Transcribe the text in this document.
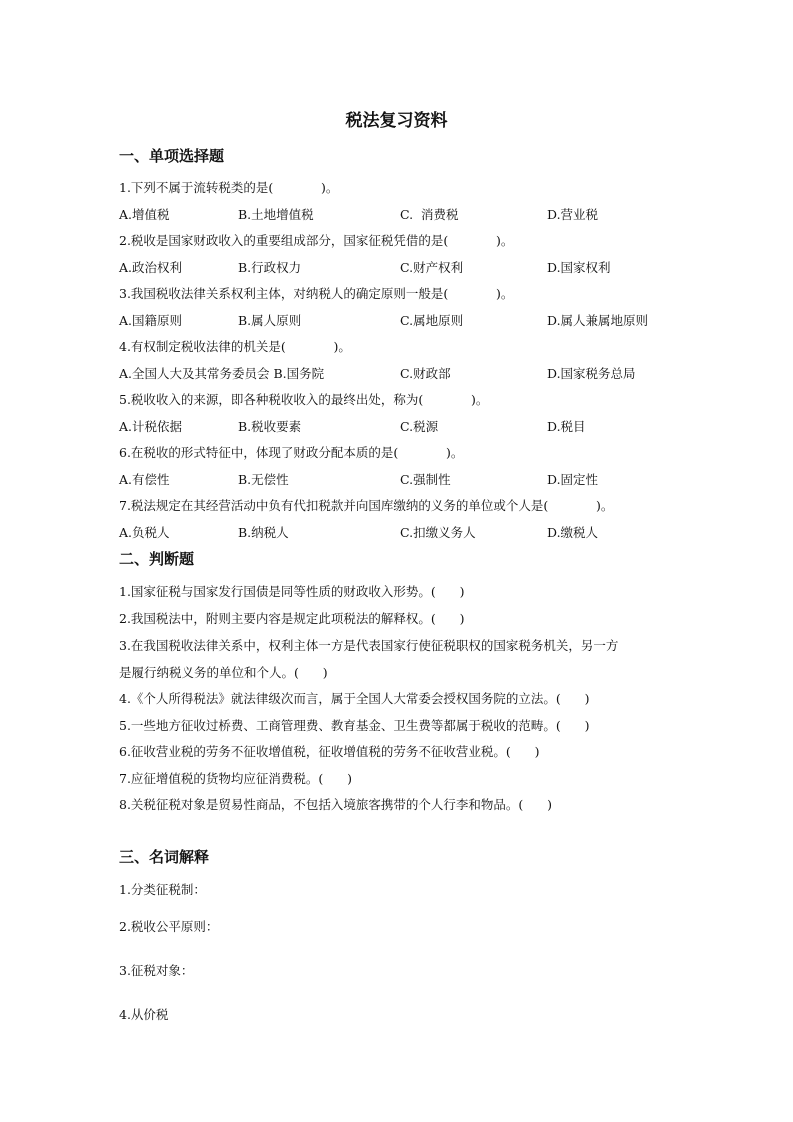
税法复习资料
一、单项选择题
1.下列不属于流转税类的是(            )。
A.增值税	B.土地增值税	C.  消费税	D.营业税
2.税收是国家财政收入的重要组成部分，国家征税凭借的是(            )。
A.政治权利	B.行政权力	C.财产权利	D.国家权利
3.我国税收法律关系权利主体，对纳税人的确定原则一般是(            )。
A.国籍原则	B.属人原则	C.属地原则	D.属人兼属地原则
4.有权制定税收法律的机关是(            )。
A.全国人大及其常务委员会 B.国务院	C.财政部	D.国家税务总局
5.税收收入的来源，即各种税收收入的最终出处，称为(            )。
A.计税依据	B.税收要素	C.税源	D.税目
6.在税收的形式特征中，体现了财政分配本质的是(            )。
A.有偿性	B.无偿性	C.强制性	D.固定性
7.税法规定在其经营活动中负有代扣税款并向国库缴纳的义务的单位或个人是(            )。
A.负税人	B.纳税人	C.扣缴义务人	D.缴税人
二、判断题
1.国家征税与国家发行国债是同等性质的财政收入形势。(      )
2.我国税法中，附则主要内容是规定此项税法的解释权。(      )
3.在我国税收法律关系中，权利主体一方是代表国家行使征税职权的国家税务机关，另一方
是履行纳税义务的单位和个人。(      )
4.《个人所得税法》就法律级次而言，属于全国人大常委会授权国务院的立法。(      )
5.一些地方征收过桥费、工商管理费、教育基金、卫生费等都属于税收的范畴。(      )
6.征收营业税的劳务不征收增值税，征收增值税的劳务不征收营业税。(      )
7.应征增值税的货物均应征消费税。(      )
8.关税征税对象是贸易性商品，不包括入境旅客携带的个人行李和物品。(      )
三、名词解释
1.分类征税制：
2.税收公平原则：
3.征税对象：
4.从价税
